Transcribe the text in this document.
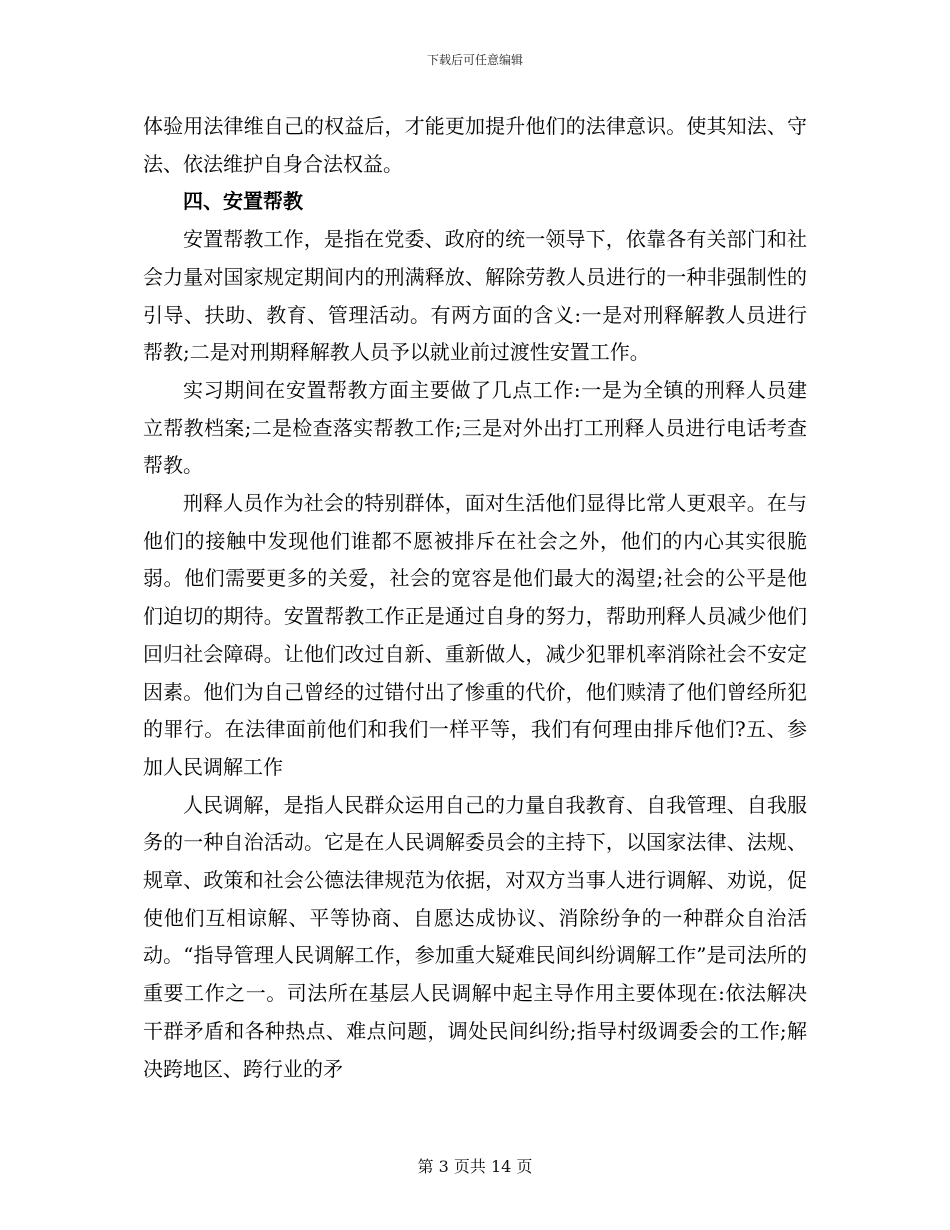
下载后可任意编辑

体验用法律维自己的权益后，才能更加提升他们的法律意识。使其知法、守法、依法维护自身合法权益。

四、安置帮教

安置帮教工作，是指在党委、政府的统一领导下，依靠各有关部门和社会力量对国家规定期间内的刑满释放、解除劳教人员进行的一种非强制性的引导、扶助、教育、管理活动。有两方面的含义:一是对刑释解教人员进行帮教;二是对刑期释解教人员予以就业前过渡性安置工作。

实习期间在安置帮教方面主要做了几点工作:一是为全镇的刑释人员建立帮教档案;二是检查落实帮教工作;三是对外出打工刑释人员进行电话考查帮教。

刑释人员作为社会的特别群体，面对生活他们显得比常人更艰辛。在与他们的接触中发现他们谁都不愿被排斥在社会之外，他们的内心其实很脆弱。他们需要更多的关爱，社会的宽容是他们最大的渴望;社会的公平是他们迫切的期待。安置帮教工作正是通过自身的努力，帮助刑释人员减少他们回归社会障碍。让他们改过自新、重新做人，减少犯罪机率消除社会不安定因素。他们为自己曾经的过错付出了惨重的代价，他们赎清了他们曾经所犯的罪行。在法律面前他们和我们一样平等，我们有何理由排斥他们?五、参加人民调解工作

人民调解，是指人民群众运用自己的力量自我教育、自我管理、自我服务的一种自治活动。它是在人民调解委员会的主持下，以国家法律、法规、规章、政策和社会公德法律规范为依据，对双方当事人进行调解、劝说，促使他们互相谅解、平等协商、自愿达成协议、消除纷争的一种群众自治活动。“指导管理人民调解工作，参加重大疑难民间纠纷调解工作”是司法所的重要工作之一。司法所在基层人民调解中起主导作用主要体现在:依法解决干群矛盾和各种热点、难点问题，调处民间纠纷;指导村级调委会的工作;解决跨地区、跨行业的矛

第 3 页共 14 页
